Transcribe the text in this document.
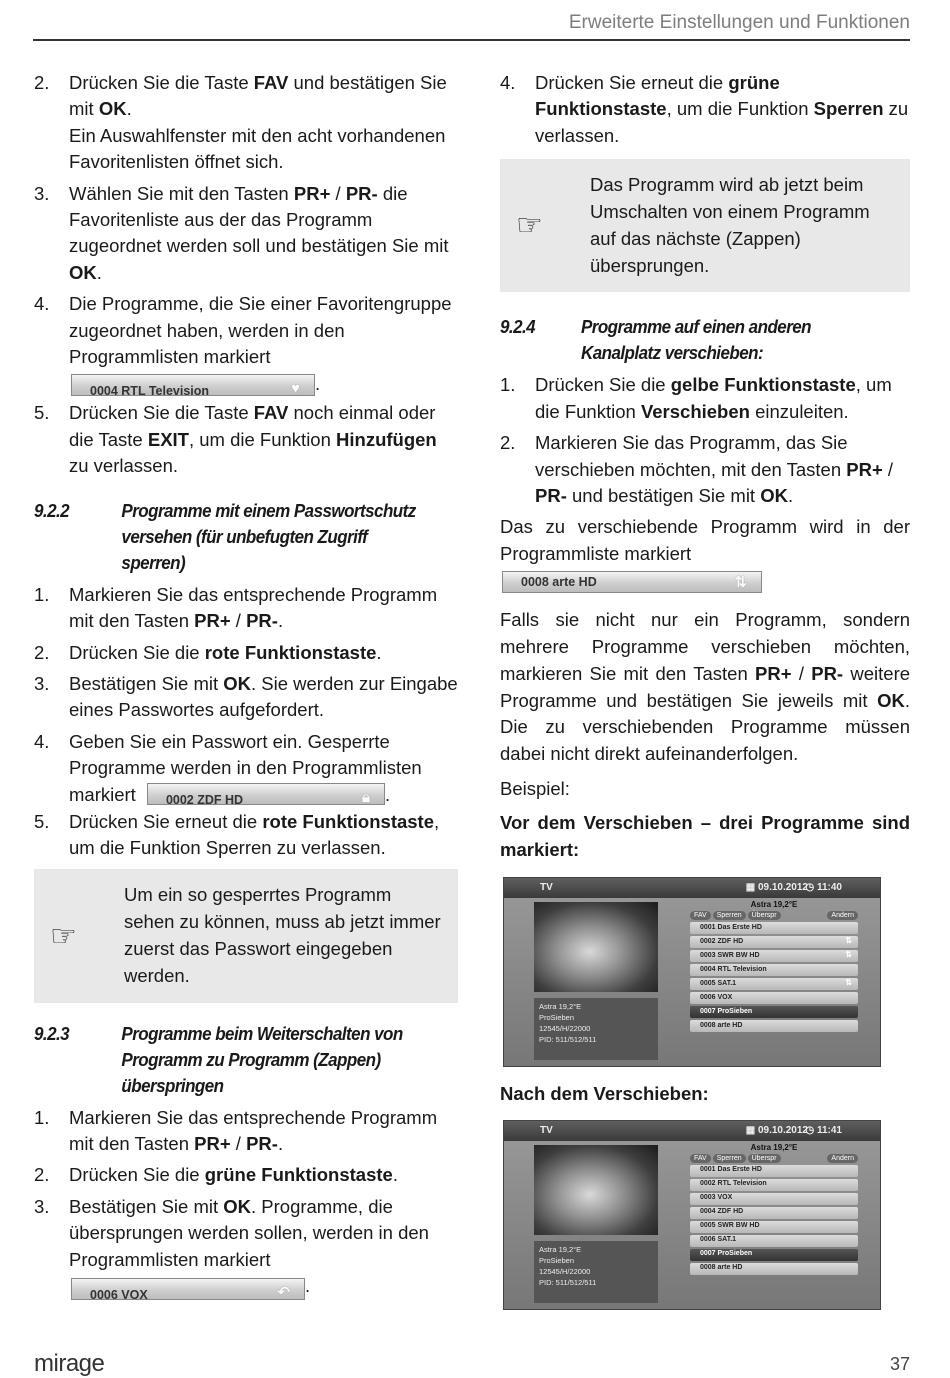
Erweiterte Einstellungen und Funktionen
2.	Drücken Sie die Taste FAV und bestätigen Sie mit OK.
Ein Auswahlfenster mit den acht vorhandenen Favoritenlisten öffnet sich.
3.	Wählen Sie mit den Tasten PR+ / PR- die Favoritenliste aus der das Programm zugeordnet werden soll und bestätigen Sie mit OK.
4.	Die Programme, die Sie einer Favoritengruppe zugeordnet haben, werden in den Programmlisten markiert

0004 RTL Television	♥ .
5.	Drücken Sie die Taste FAV noch einmal oder die Taste EXIT, um die Funktion Hinzufügen zu verlassen.
9.2.2	Programme mit einem Passwortschutz versehen (für unbefugten Zugriff sperren)
1.	Markieren Sie das entsprechende Programm mit den Tasten PR+ / PR-.
2.	Drücken Sie die rote Funktionstaste.
3.	Bestätigen Sie mit OK. Sie werden zur Eingabe eines Passwortes aufgefordert.
4.	Geben Sie ein Passwort ein. Gesperrte Programme werden in den Programmlisten
markiert 0002 ZDF HD	🔒︎ .
5.	Drücken Sie erneut die rote Funktionstaste, um die Funktion Sperren zu verlassen.
☞
Um ein so gesperrtes Programm sehen zu können, muss ab jetzt immer zuerst das Passwort eingegeben werden.
9.2.3	Programme beim Weiterschalten von Programm zu Programm (Zappen) überspringen
1.	Markieren Sie das entsprechende Programm mit den Tasten PR+ / PR-.
2.	Drücken Sie die grüne Funktionstaste.
3.	Bestätigen Sie mit OK. Programme, die übersprungen werden sollen, werden in den Programmlisten markiert

0006 VOX	↶ .
4.	Drücken Sie erneut die grüne Funktionstaste, um die Funktion Sperren zu verlassen.
☞
Das Programm wird ab jetzt beim Umschalten von einem Programm auf das nächste (Zappen) übersprungen.
9.2.4	Programme auf einen anderen Kanalplatz verschieben:
1.	Drücken Sie die gelbe Funktionstaste, um die Funktion Verschieben einzuleiten.
2.	Markieren Sie das Programm, das Sie verschieben möchten, mit den Tasten PR+ / PR- und bestätigen Sie mit OK.

Das zu verschiebende Programm wird in der Programmliste markiert

0008 arte HD	⇅

Falls sie nicht nur ein Programm, sondern mehrere Programme verschieben möchten, markieren Sie mit den Tasten PR+ / PR- weitere Programme und bestätigen Sie jeweils mit OK. Die zu verschiebenden Programme müssen dabei nicht direkt aufeinanderfolgen.

Beispiel:

Vor dem Verschieben – drei Programme sind markiert:

TV	▦ 09.10.2012
◷ 11:40
Astra 19,2°E
ProSieben
12545/H/22000
PID: 511/512/511
Astra 19,2°E
FAV	Sperren	Überspr	Andern
0001 Das Erste HD
0002 ZDF HD	⇅
0003 SWR BW HD	⇅
0004 RTL Television
0005 SAT.1	⇅
0006 VOX
0007 ProSieben
0008 arte HD

Nach dem Verschieben:

TV	▦ 09.10.2012
◷ 11:41
Astra 19,2°E
ProSieben
12545/H/22000
PID: 511/512/511
Astra 19,2°E
FAV	Sperren	Überspr	Andern
0001 Das Erste HD
0002 RTL Television
0003 VOX
0004 ZDF HD
0005 SWR BW HD
0006 SAT.1
0007 ProSieben
0008 arte HD
mirage	37
